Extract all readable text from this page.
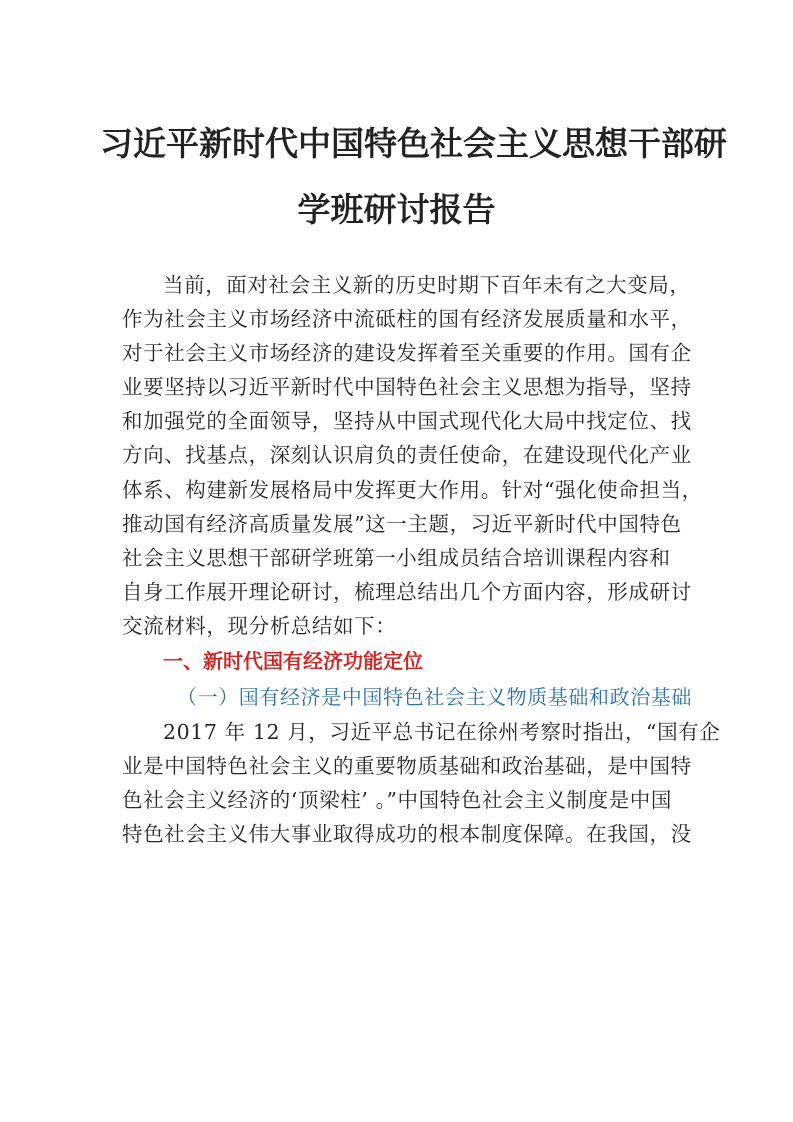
习近平新时代中国特色社会主义思想干部研
学班研讨报告
当前，面对社会主义新的历史时期下百年未有之大变局，
作为社会主义市场经济中流砥柱的国有经济发展质量和水平，
对于社会主义市场经济的建设发挥着至关重要的作用。国有企
业要坚持以习近平新时代中国特色社会主义思想为指导，坚持
和加强党的全面领导，坚持从中国式现代化大局中找定位、找
方向、找基点，深刻认识肩负的责任使命，在建设现代化产业
体系、构建新发展格局中发挥更大作用。针对“强化使命担当，
推动国有经济高质量发展”这一主题，习近平新时代中国特色
社会主义思想干部研学班第一小组成员结合培训课程内容和
自身工作展开理论研讨，梳理总结出几个方面内容，形成研讨
交流材料，现分析总结如下：
一、新时代国有经济功能定位
（一）国有经济是中国特色社会主义物质基础和政治基础
2017 年 12 月，习近平总书记在徐州考察时指出，“国有企
业是中国特色社会主义的重要物质基础和政治基础，是中国特
色社会主义经济的‘顶梁柱’ 。”中国特色社会主义制度是中国
特色社会主义伟大事业取得成功的根本制度保障。在我国，没
